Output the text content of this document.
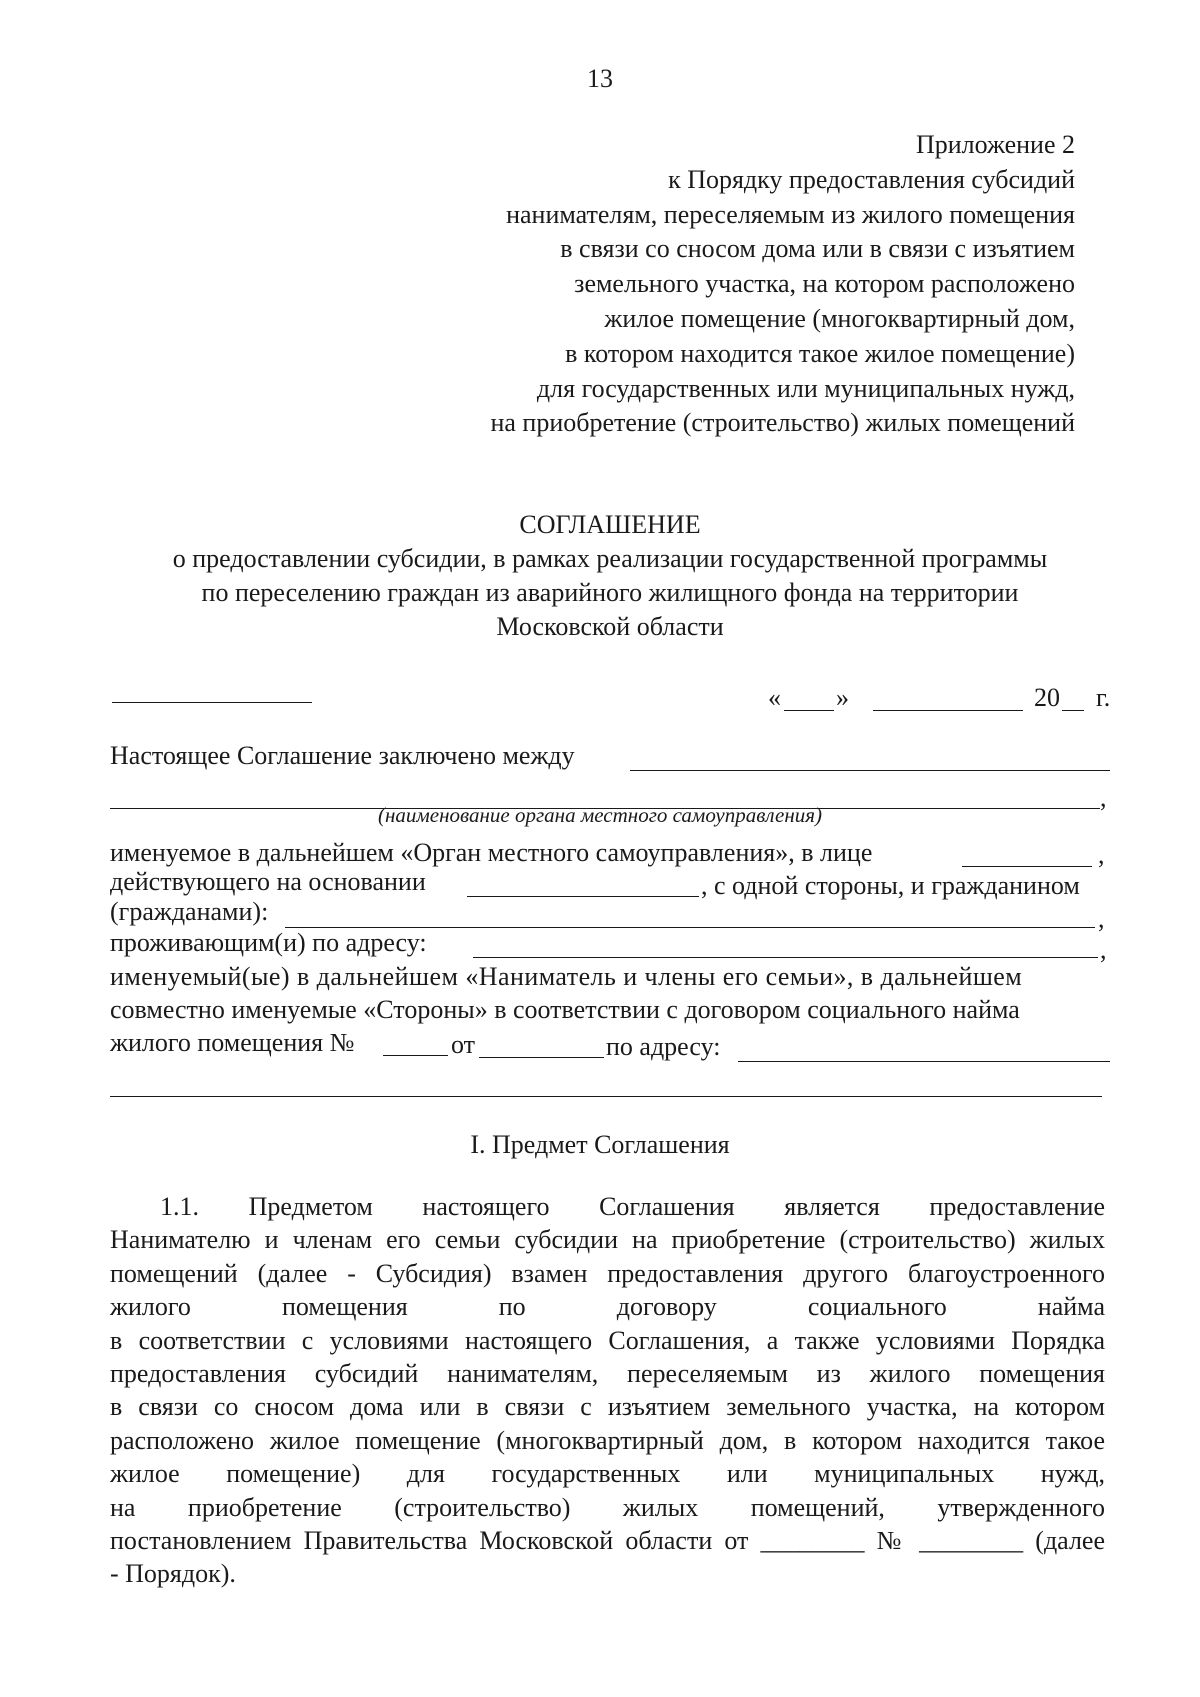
13
Приложение 2
к Порядку предоставления субсидий
нанимателям, переселяемым из жилого помещения
в связи со сносом дома или в связи с изъятием
земельного участка, на котором расположено
жилое помещение (многоквартирный дом,
в котором находится такое жилое помещение)
для государственных или муниципальных нужд,
на приобретение (строительство) жилых помещений
СОГЛАШЕНИЕ
о предоставлении субсидии, в рамках реализации государственной программы
по переселению граждан из аварийного жилищного фонда на территории
Московской области
« »	20 г.
Настоящее Соглашение заключено между
,
(наименование органа местного самоуправления)
именуемое в дальнейшем «Орган местного самоуправления», в лице	,
действующего на основании	, с одной стороны, и гражданином
(гражданами):	,
проживающим(и) по адресу:	,
именуемый(ые) в дальнейшем «Наниматель и члены его семьи», в дальнейшем
совместно именуемые «Стороны» в соответствии с договором социального найма
жилого помещения №	от	по адресу:
I. Предмет Соглашения
1.1. Предметом настоящего Соглашения является предоставление
Нанимателю и членам его семьи субсидии на приобретение (строительство) жилых
помещений (далее - Субсидия) взамен предоставления другого благоустроенного
жилого помещения по договору социального найма
в соответствии с условиями настоящего Соглашения, а также условиями Порядка
предоставления субсидий нанимателям, переселяемым из жилого помещения
в связи со сносом дома или в связи с изъятием земельного участка, на котором
расположено жилое помещение (многоквартирный дом, в котором находится такое
жилое помещение) для государственных или муниципальных нужд,
на приобретение (строительство) жилых помещений, утвержденного
постановлением Правительства Московской области от ________ № ________ (далее
- Порядок).
